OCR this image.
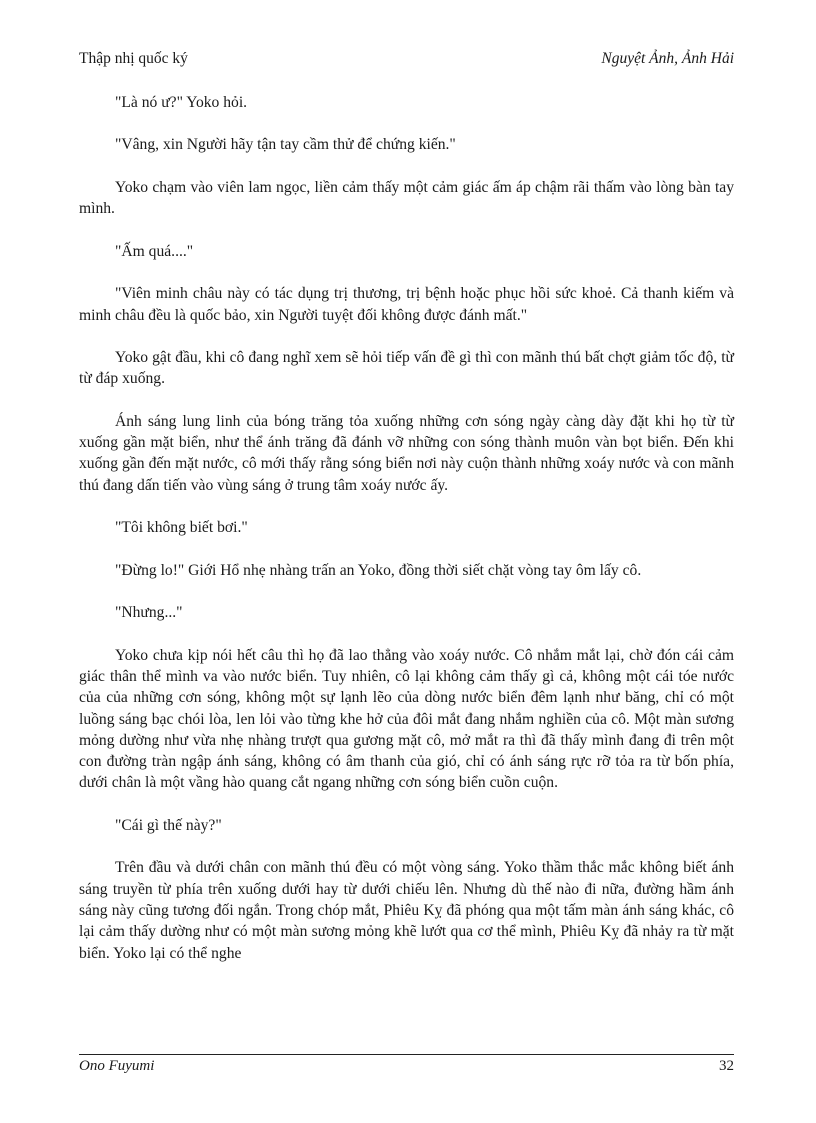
Thập nhị quốc ký	Nguyệt Ảnh, Ảnh Hải

"Là nó ư?" Yoko hỏi.

"Vâng, xin Người hãy tận tay cầm thử để chứng kiến."

Yoko chạm vào viên lam ngọc, liền cảm thấy một cảm giác ấm áp chậm rãi thấm vào lòng bàn tay mình.

"Ấm quá...."

"Viên minh châu này có tác dụng trị thương, trị bệnh hoặc phục hồi sức khoẻ. Cả thanh kiếm và minh châu đều là quốc bảo, xin Người tuyệt đối không được đánh mất."

Yoko gật đầu, khi cô đang nghĩ xem sẽ hỏi tiếp vấn đề gì thì con mãnh thú bất chợt giảm tốc độ, từ từ đáp xuống.

Ánh sáng lung linh của bóng trăng tỏa xuống những cơn sóng ngày càng dày đặt khi họ từ từ xuống gần mặt biển, như thể ánh trăng đã đánh vỡ những con sóng thành muôn vàn bọt biển. Đến khi xuống gần đến mặt nước, cô mới thấy rằng sóng biển nơi này cuộn thành những xoáy nước và con mãnh thú đang dấn tiến vào vùng sáng ở trung tâm xoáy nước ấy.

"Tôi không biết bơi."

"Đừng lo!" Giới Hổ nhẹ nhàng trấn an Yoko, đồng thời siết chặt vòng tay ôm lấy cô.

"Nhưng..."

Yoko chưa kịp nói hết câu thì họ đã lao thẳng vào xoáy nước. Cô nhắm mắt lại, chờ đón cái cảm giác thân thể mình va vào nước biển. Tuy nhiên, cô lại không cảm thấy gì cả, không một cái tóe nước của của những cơn sóng, không một sự lạnh lẽo của dòng nước biển đêm lạnh như băng, chỉ có một luồng sáng bạc chói lòa, len lỏi vào từng khe hở của đôi mắt đang nhắm nghiền của cô. Một màn sương mỏng dường như vừa nhẹ nhàng trượt qua gương mặt cô, mở mắt ra thì đã thấy mình đang đi trên một con đường tràn ngập ánh sáng, không có âm thanh của gió, chỉ có ánh sáng rực rỡ tỏa ra từ bốn phía, dưới chân là một vầng hào quang cắt ngang những cơn sóng biển cuồn cuộn.

"Cái gì thế này?"

Trên đầu và dưới chân con mãnh thú đều có một vòng sáng. Yoko thầm thắc mắc không biết ánh sáng truyền từ phía trên xuống dưới hay từ dưới chiếu lên. Nhưng dù thế nào đi nữa, đường hầm ánh sáng này cũng tương đối ngắn. Trong chóp mắt, Phiêu Kỵ đã phóng qua một tấm màn ánh sáng khác, cô lại cảm thấy dường như có một màn sương mỏng khẽ lướt qua cơ thể mình, Phiêu Kỵ đã nhảy ra từ mặt biển. Yoko lại có thể nghe

Ono Fuyumi	32
